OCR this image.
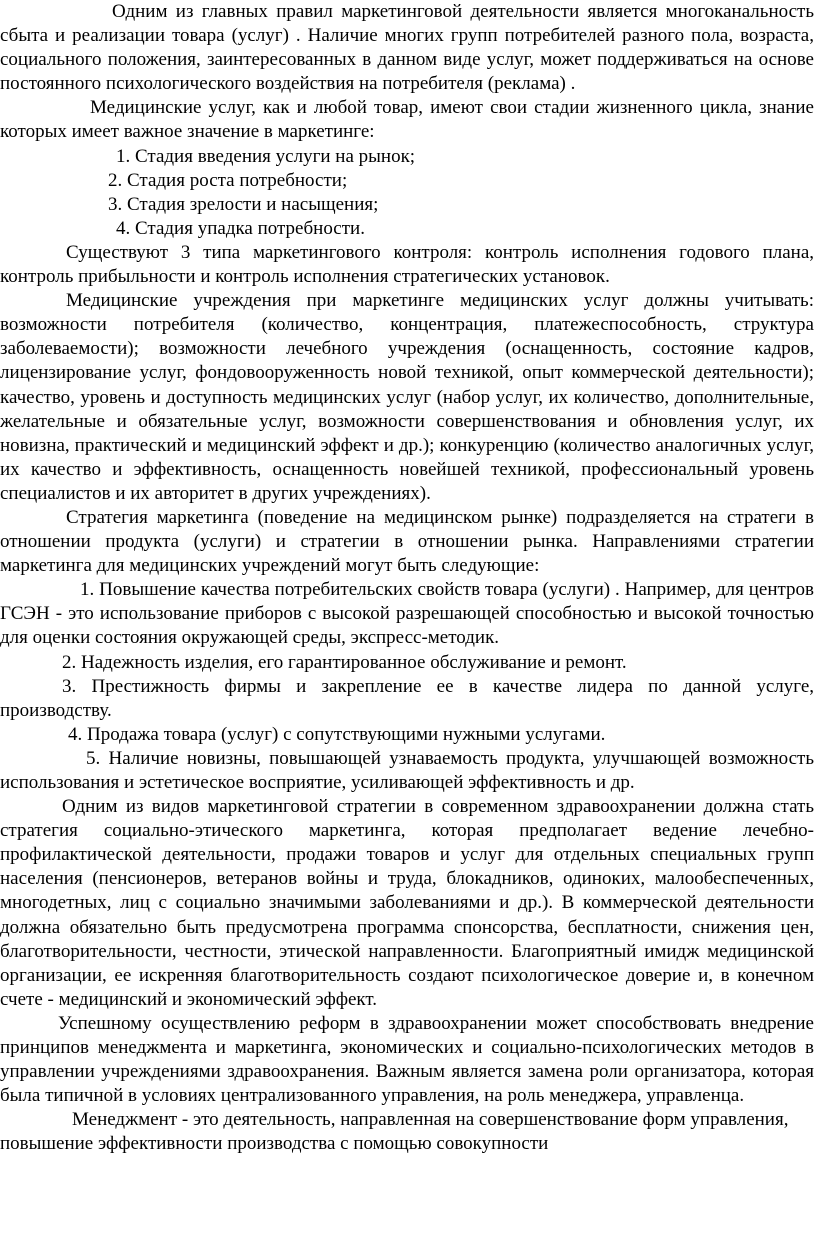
Одним из главных правил маркетинговой деятельности является многоканальность сбыта и реализации товара (услуг) . Наличие многих групп потребителей разного пола, возраста, социального положения, заинтересованных в данном виде услуг, может поддерживаться на основе постоянного психологического воздействия на потребителя (реклама) .

Медицинские услуг, как и любой товар, имеют свои стадии жизненного цикла, знание которых имеет важное значение в маркетинге:

1. Стадия введения услуги на рынок;

2. Стадия роста потребности;

3. Стадия зрелости и насыщения;

4. Стадия упадка потребности.

Существуют 3 типа маркетингового контроля: контроль исполнения годового плана, контроль прибыльности и контроль исполнения стратегических установок.

Медицинские учреждения при маркетинге медицинских услуг должны учитывать: возможности потребителя (количество, концентрация, платежеспособность, структура заболеваемости); возможности лечебного учреждения (оснащенность, состояние кадров, лицензирование услуг, фондовооруженность новой техникой, опыт коммерческой деятельности); качество, уровень и доступность медицинских услуг (набор услуг, их количество, дополнительные, желательные и обязательные услуг, возможности совершенствования и обновления услуг, их новизна, практический и медицинский эффект и др.); конкуренцию (количество аналогичных услуг, их качество и эффективность, оснащенность новейшей техникой, профессиональный уровень специалистов и их авторитет в других учреждениях).

Стратегия маркетинга (поведение на медицинском рынке) подразделяется на стратеги в отношении продукта (услуги) и стратегии в отношении рынка. Направлениями стратегии маркетинга для медицинских учреждений могут быть следующие:

1. Повышение качества потребительских свойств товара (услуги) . Например, для центров ГСЭН - это использование приборов с высокой разрешающей способностью и высокой точностью для оценки состояния окружающей среды, экспресс-методик.

2. Надежность изделия, его гарантированное обслуживание и ремонт.

3. Престижность фирмы и закрепление ее в качестве лидера по данной услуге, производству.

4. Продажа товара (услуг) с сопутствующими нужными услугами.

5. Наличие новизны, повышающей узнаваемость продукта, улучшающей возможность использования и эстетическое восприятие, усиливающей эффективность и др.

Одним из видов маркетинговой стратегии в современном здравоохранении должна стать стратегия социально-этического маркетинга, которая предполагает ведение лечебно-профилактической деятельности, продажи товаров и услуг для отдельных специальных групп населения (пенсионеров, ветеранов войны и труда, блокадников, одиноких, малообеспеченных, многодетных, лиц с социально значимыми заболеваниями и др.). В коммерческой деятельности должна обязательно быть предусмотрена программа спонсорства, бесплатности, снижения цен, благотворительности, честности, этической направленности. Благоприятный имидж медицинской организации, ее искренняя благотворительность создают психологическое доверие и, в конечном счете - медицинский и экономический эффект.

Успешному осуществлению реформ в здравоохранении может способствовать внедрение принципов менеджмента и маркетинга, экономических и социально-психологических методов в управлении учреждениями здравоохранения. Важным является замена роли организатора, которая была типичной в условиях централизованного управления, на роль менеджера, управленца.

Менеджмент - это деятельность, направленная на совершенствование форм управления, повышение эффективности производства с помощью совокупности
